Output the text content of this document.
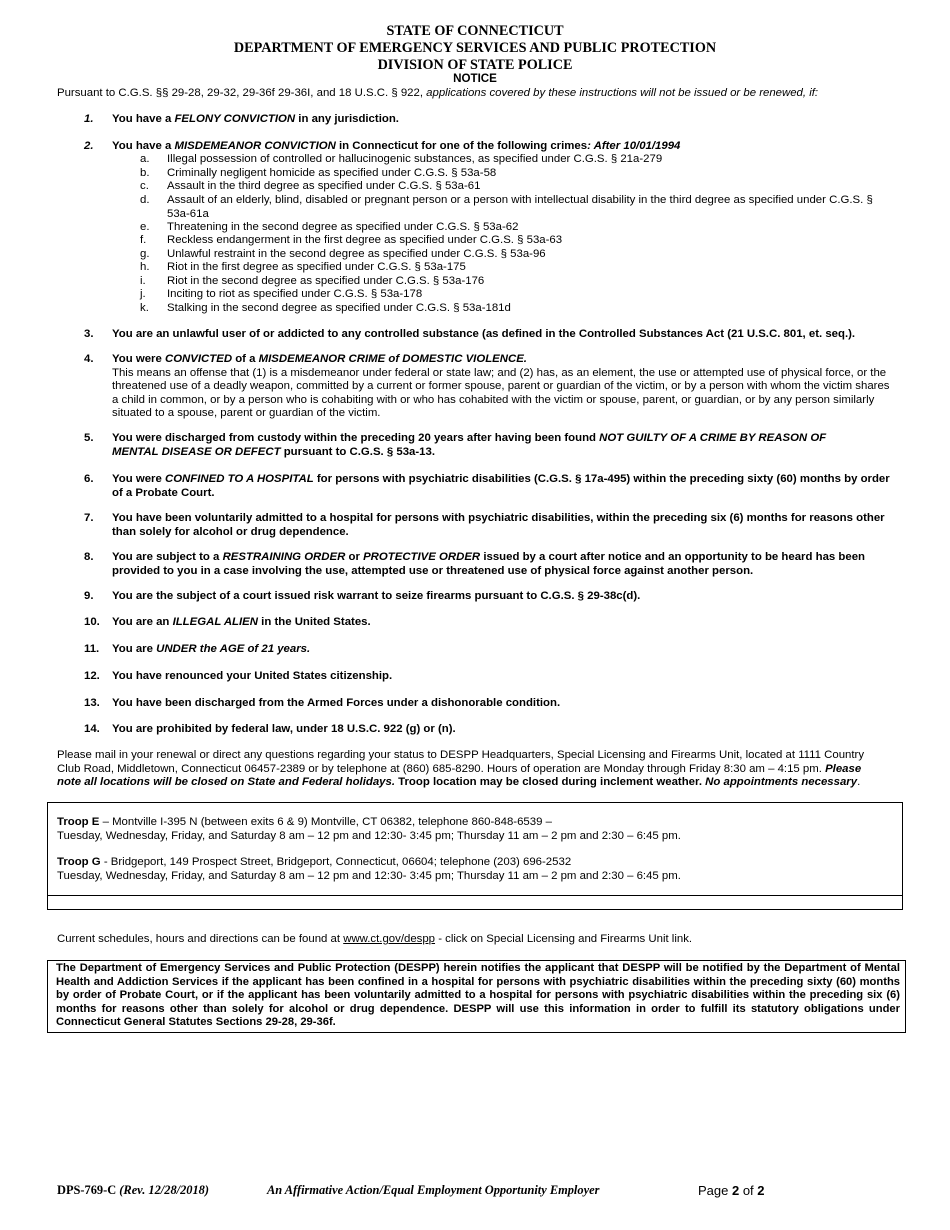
STATE OF CONNECTICUT
DEPARTMENT OF EMERGENCY SERVICES AND PUBLIC PROTECTION
DIVISION OF STATE POLICE
NOTICE
Pursuant to C.G.S. §§ 29-28, 29-32, 29-36f 29-36I, and 18 U.S.C. § 922, applications covered by these instructions will not be issued or be renewed, if:
1.	You have a FELONY CONVICTION in any jurisdiction.
2.	You have a MISDEMEANOR CONVICTION in Connecticut for one of the following crimes: After 10/01/1994
a.	Illegal possession of controlled or hallucinogenic substances, as specified under C.G.S. § 21a-279
b.	Criminally negligent homicide as specified under C.G.S. § 53a-58
c.	Assault in the third degree as specified under C.G.S. § 53a-61
d.	Assault of an elderly, blind, disabled or pregnant person or a person with intellectual disability in the third degree as specified under C.G.S. § 53a-61a
e.	Threatening in the second degree as specified under C.G.S. § 53a-62
f.	Reckless endangerment in the first degree as specified under C.G.S. § 53a-63
g.	Unlawful restraint in the second degree as specified under C.G.S. § 53a-96
h.	Riot in the first degree as specified under C.G.S. § 53a-175
i.	Riot in the second degree as specified under C.G.S. § 53a-176
j.	Inciting to riot as specified under C.G.S. § 53a-178
k.	Stalking in the second degree as specified under C.G.S. § 53a-181d
3.	You are an unlawful user of or addicted to any controlled substance (as defined in the Controlled Substances Act (21 U.S.C. 801, et. seq.).
4.	You were CONVICTED of a MISDEMEANOR CRIME of DOMESTIC VIOLENCE.
This means an offense that (1) is a misdemeanor under federal or state law; and (2) has, as an element, the use or attempted use of physical force, or the threatened use of a deadly weapon, committed by a current or former spouse, parent or guardian of the victim, or by a person with whom the victim shares a child in common, or by a person who is cohabiting with or who has cohabited with the victim or spouse, parent, or guardian, or by any person similarly situated to a spouse, parent or guardian of the victim.
5.	You were discharged from custody within the preceding 20 years after having been found NOT GUILTY OF A CRIME BY REASON OF MENTAL DISEASE OR DEFECT pursuant to C.G.S. § 53a-13.
6.	You were CONFINED TO A HOSPITAL for persons with psychiatric disabilities (C.G.S. § 17a-495) within the preceding sixty (60) months by order of a Probate Court.
7.	You have been voluntarily admitted to a hospital for persons with psychiatric disabilities, within the preceding six (6) months for reasons other than solely for alcohol or drug dependence.
8.	You are subject to a RESTRAINING ORDER or PROTECTIVE ORDER issued by a court after notice and an opportunity to be heard has been provided to you in a case involving the use, attempted use or threatened use of physical force against another person.
9.	You are the subject of a court issued risk warrant to seize firearms pursuant to C.G.S. § 29-38c(d).
10.	You are an ILLEGAL ALIEN in the United States.
11.	You are UNDER the AGE of 21 years.
12.	You have renounced your United States citizenship.
13.	You have been discharged from the Armed Forces under a dishonorable condition.
14.	You are prohibited by federal law, under 18 U.S.C. 922 (g) or (n).
Please mail in your renewal or direct any questions regarding your status to DESPP Headquarters, Special Licensing and Firearms Unit, located at 1111 Country Club Road, Middletown, Connecticut 06457-2389 or by telephone at (860) 685-8290. Hours of operation are Monday through Friday 8:30 am – 4:15 pm. Please note all locations will be closed on State and Federal holidays. Troop location may be closed during inclement weather. No appointments necessary.
Troop E – Montville I-395 N (between exits 6 & 9) Montville, CT 06382, telephone 860-848-6539 –
Tuesday, Wednesday, Friday, and Saturday 8 am – 12 pm and 12:30- 3:45 pm; Thursday 11 am – 2 pm and 2:30 – 6:45 pm.
Troop G - Bridgeport, 149 Prospect Street, Bridgeport, Connecticut, 06604; telephone (203) 696-2532
Tuesday, Wednesday, Friday, and Saturday 8 am – 12 pm and 12:30- 3:45 pm; Thursday 11 am – 2 pm and 2:30 – 6:45 pm.
Current schedules, hours and directions can be found at www.ct.gov/despp - click on Special Licensing and Firearms Unit link.
The Department of Emergency Services and Public Protection (DESPP) herein notifies the applicant that DESPP will be notified by the Department of Mental Health and Addiction Services if the applicant has been confined in a hospital for persons with psychiatric disabilities within the preceding sixty (60) months by order of Probate Court, or if the applicant has been voluntarily admitted to a hospital for persons with psychiatric disabilities within the preceding six (6) months for reasons other than solely for alcohol or drug dependence. DESPP will use this information in order to fulfill its statutory obligations under Connecticut General Statutes Sections 29-28, 29-36f.
DPS-769-C (Rev. 12/28/2018)	An Affirmative Action/Equal Employment Opportunity Employer	Page 2 of 2
